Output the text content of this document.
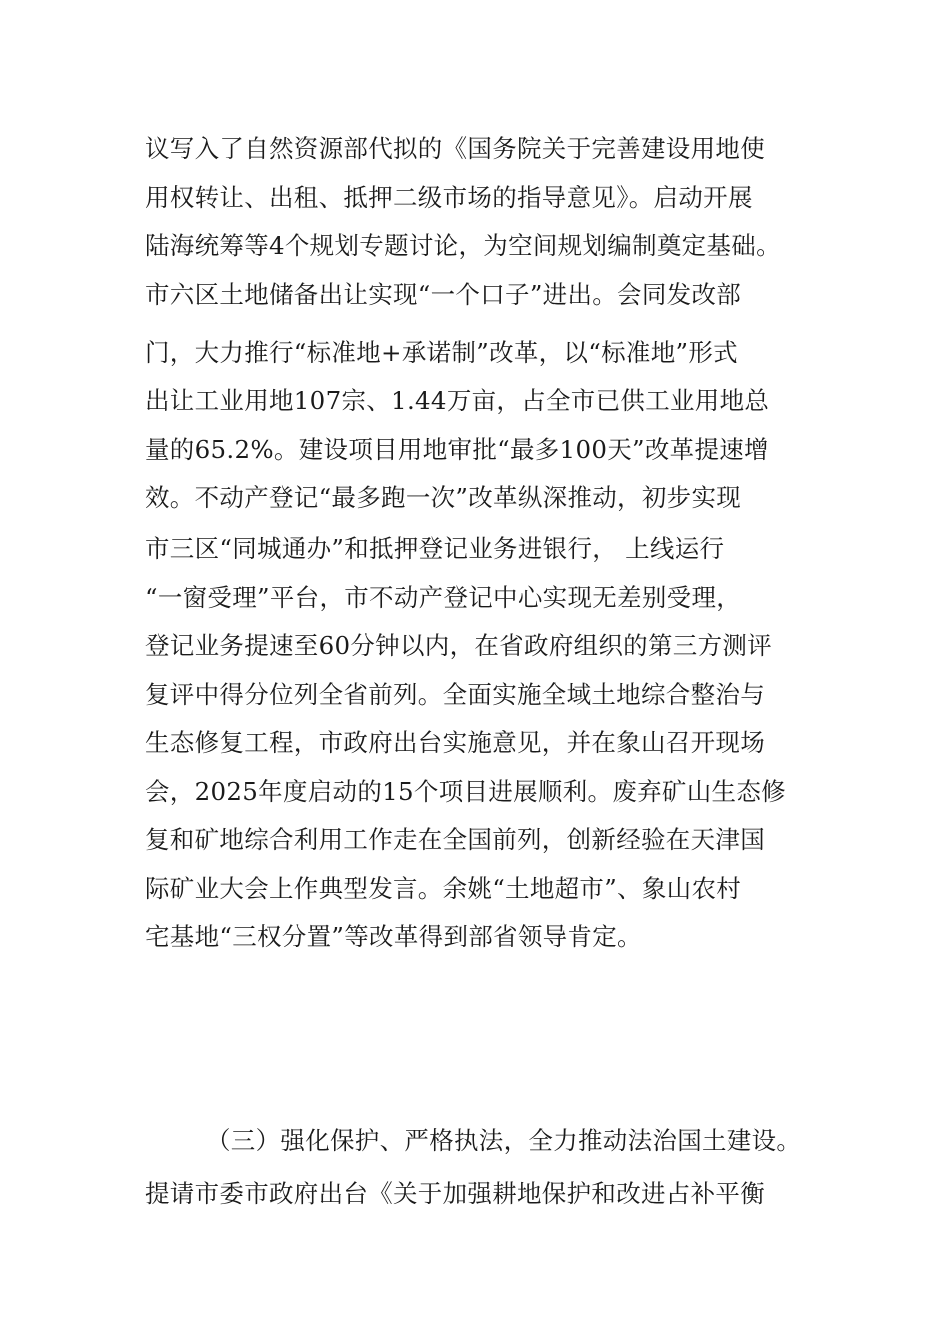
议写入了自然资源部代拟的《国务院关于完善建设用地使
用权转让、出租、抵押二级市场的指导意见》。启动开展
陆海统筹等4个规划专题讨论，为空间规划编制奠定基础。
市六区土地储备出让实现“一个口子”进出。会同发改部
门，大力推行“标准地+承诺制”改革，以“标准地”形式
出让工业用地107宗、1.44万亩，占全市已供工业用地总
量的65.2%。建设项目用地审批“最多100天”改革提速增
效。不动产登记“最多跑一次”改革纵深推动，初步实现
市三区“同城通办”和抵押登记业务进银行， 上线运行
“一窗受理”平台，市不动产登记中心实现无差别受理，
登记业务提速至60分钟以内，在省政府组织的第三方测评
复评中得分位列全省前列。全面实施全域土地综合整治与
生态修复工程，市政府出台实施意见，并在象山召开现场
会，2025年度启动的15个项目进展顺利。废弃矿山生态修
复和矿地综合利用工作走在全国前列，创新经验在天津国
际矿业大会上作典型发言。余姚“土地超市”、象山农村
宅基地“三权分置”等改革得到部省领导肯定。
（三）强化保护、严格执法，全力推动法治国土建设。
提请市委市政府出台《关于加强耕地保护和改进占补平衡
